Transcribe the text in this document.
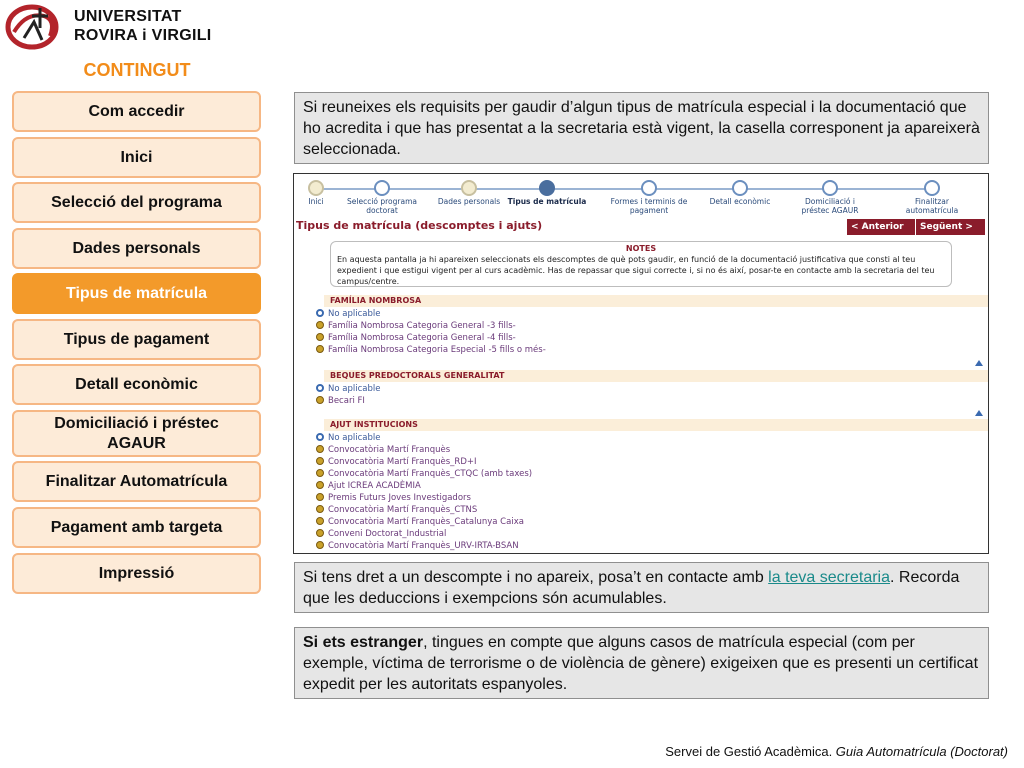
UNIVERSITAT
ROVIRA i VIRGILI
CONTINGUT
Com accedir
Inici
Selecció del programa
Dades personals
Tipus de matrícula
Tipus de pagament
Detall econòmic
Domiciliació i préstec AGAUR
Finalitzar Automatrícula
Pagament amb targeta
Impressió
Si reuneixes els requisits per gaudir d’algun tipus de matrícula especial i la documentació que ho acredita i que has presentat a la secretaria està vigent, la casella corresponent ja apareixerà seleccionada.
Inici	Selecció programa doctorat
Dades personals Tipus de matrícula	Formes i terminis de pagament
Detall econòmic	Domiciliació i préstec AGAUR
Finalitzar automatrícula
Tipus de matrícula (descomptes i ajuts)	< Anterior	Següent >
NOTES
En aquesta pantalla ja hi apareixen seleccionats els descomptes de què pots gaudir, en funció de la documentació justificativa que consti al teu expedient i que estigui vigent per al curs acadèmic. Has de repassar que sigui correcte i, si no és així, posar-te en contacte amb la secretaria del teu campus/centre.
FAMÍLIA NOMBROSA
No aplicable
Família Nombrosa Categoria General -3 fills-
Família Nombrosa Categoria General -4 fills-
Família Nombrosa Categoria Especial -5 fills o més-
BEQUES PREDOCTORALS GENERALITAT
No aplicable
Becari FI
AJUT INSTITUCIONS
No aplicable
Convocatòria Martí Franquès
Convocatòria Martí Franquès_RD+I
Convocatòria Martí Franquès_CTQC (amb taxes)
Ajut ICREA ACADÈMIA
Premis Futurs Joves Investigadors
Convocatòria Martí Franquès_CTNS
Convocatòria Martí Franquès_Catalunya Caixa
Conveni Doctorat_Industrial
Convocatòria Martí Franquès_URV-IRTA-BSAN
Si tens dret a un descompte i no apareix, posa’t en contacte amb la teva secretaria. Recorda que les deduccions i exempcions són acumulables.
Si ets estranger, tingues en compte que alguns casos de matrícula especial (com per exemple, víctima de terrorisme o de violència de gènere) exigeixen que es presenti un certificat expedit per les autoritats espanyoles.
Servei de Gestió Acadèmica. Guia Automatrícula (Doctorat)
